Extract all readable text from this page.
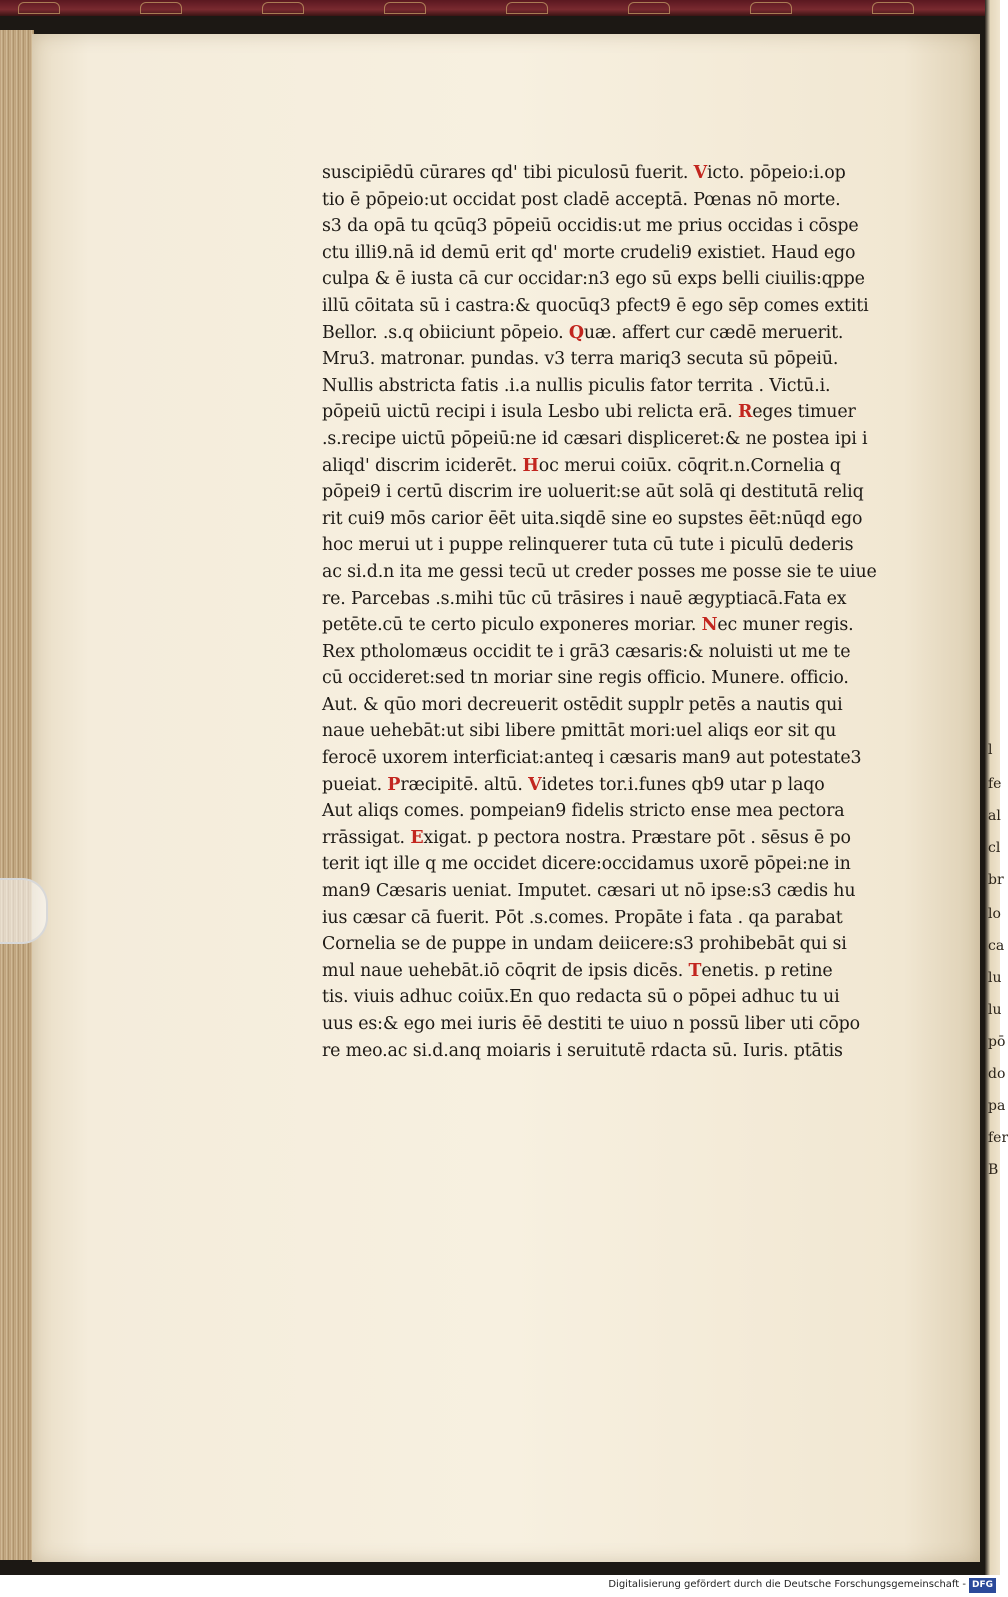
suscipiēdū cūrares qd' tibi piculosū fuerit. Victo. pōpeio:i.op
tio ē pōpeio:ut occidat post cladē acceptā. Pœnas nō morte.
s3 da opā tu qcūq3 pōpeiū occidis:ut me prius occidas i cōspe
ctu illi9.nā id demū erit qd' morte crudeli9 existiet. Haud ego
culpa & ē iusta cā cur occidar:n3 ego sū exps belli ciuilis:qppe
illū cōitata sū i castra:& quocūq3 pfect9 ē ego sēp comes extiti
Bellor. .s.q obiiciunt pōpeio. Quæ. affert cur cædē meruerit.
Mru3. matronar. pundas. v3 terra mariq3 secuta sū pōpeiū.
Nullis abstricta fatis .i.a nullis piculis fator territa . Victū.i.
pōpeiū uictū recipi i isula Lesbo ubi relicta erā. Reges timuer
.s.recipe uictū pōpeiū:ne id cæsari displiceret:& ne postea ipi i
aliqd' discrim iciderēt. Hoc merui coiūx. cōqrit.n.Cornelia q
pōpei9 i certū discrim ire uoluerit:se aūt solā qi destitutā reliq
rit cui9 mōs carior ēēt uita.siqdē sine eo supstes ēēt:nūqd ego
hoc merui ut i puppe relinquerer tuta cū tute i piculū dederis
ac si.d.n ita me gessi tecū ut creder posses me posse sie te uiue
re. Parcebas .s.mihi tūc cū trāsires i nauē ægyptiacā.Fata ex
petēte.cū te certo piculo exponeres moriar. Nec muner regis.
Rex ptholomæus occidit te i grā3 cæsaris:& noluisti ut me te
cū occideret:sed tn moriar sine regis officio. Munere. officio.
Aut. & qūo mori decreuerit ostēdit supplr petēs a nautis qui
naue uehebāt:ut sibi libere pmittāt mori:uel aliqs eor sit qu
ferocē uxorem interficiat:anteq i cæsaris man9 aut potestate3
pueiat. Præcipitē. altū. Videtes tor.i.funes qb9 utar p laqo
Aut aliqs comes. pompeian9 fidelis stricto ense mea pectora
rrāssigat. Exigat. p pectora nostra. Præstare pōt . sēsus ē po
terit iqt ille q me occidet dicere:occidamus uxorē pōpei:ne in
man9 Cæsaris ueniat. Imputet. cæsari ut nō ipse:s3 cædis hu
ius cæsar cā fuerit. Pōt .s.comes. Propāte i fata . qa parabat
Cornelia se de puppe in undam deiicere:s3 prohibebāt qui si
mul naue uehebāt.iō cōqrit de ipsis dicēs. Tenetis. p retine
tis. viuis adhuc coiūx.En quo redacta sū o pōpei adhuc tu ui
uus es:& ego mei iuris ēē destiti te uiuo n possū liber uti cōpo
re meo.ac si.d.anq moiaris i seruitutē rdacta sū. Iuris. ptātis
l
fe
al
cl
br
lo
ca
lu
lu
pō
do
pa
fer
B
Digitalisierung gefördert durch die Deutsche Forschungsgemeinschaft - DFG
